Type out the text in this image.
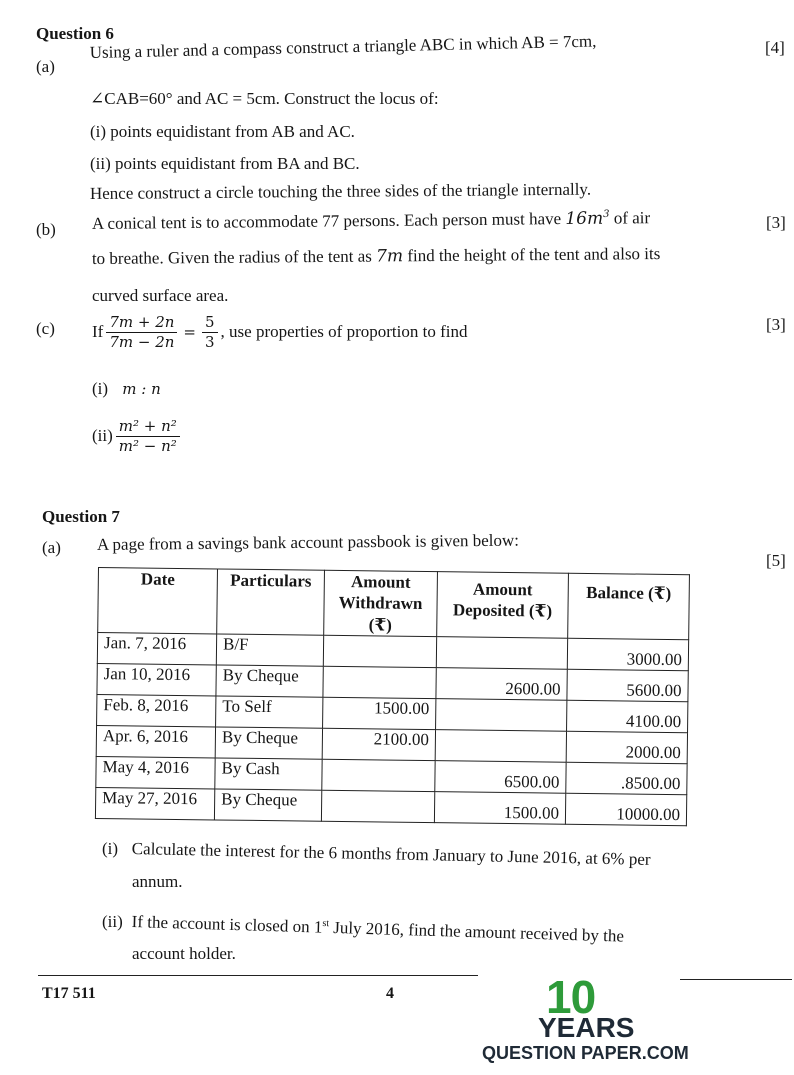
Question 6
(a)
Using a ruler and a compass construct a triangle ABC in which AB = 7cm,	[4]
∠CAB=60° and AC = 5cm. Construct the locus of:
(i) points equidistant from AB and AC.
(ii) points equidistant from BA and BC.
Hence construct a circle touching the three sides of the triangle internally.
(b) A conical tent is to accommodate 77 persons. Each person must have $16m^3$ of air	[3]
to breathe. Given the radius of the tent as 7m find the height of the tent and also its
curved surface area.
(c) If $\frac{7m + 2n}{7m - 2n} = \frac{5}{3}$ , use properties of proportion to find	[3]
(i) m : n
$(ii) \frac{\text{m² + n²}}{\text{m² − n²}}$
Question 7
(a) A page from a savings bank account passbook is given below:
[5]
Date	Particulars	Amount Withdrawn (₹)	Amount Deposited (₹)	Balance (₹)
Jan. 7, 2016	B/F			3000.00
Jan 10, 2016	By Cheque		2600.00	5600.00
Feb. 8, 2016	To Self	1500.00		4100.00
Apr. 6, 2016	By Cheque	2100.00		2000.00
May 4, 2016	By Cash		6500.00	.8500.00
May 27, 2016	By Cheque		1500.00	10000.00
(i) Calculate the interest for the 6 months from January to June 2016, at 6% per
annum.
(ii) If the account is closed on 1st July 2016, find the amount received by the
account holder.
T17 511	4	10
YEARS
QUESTION PAPER.COM
